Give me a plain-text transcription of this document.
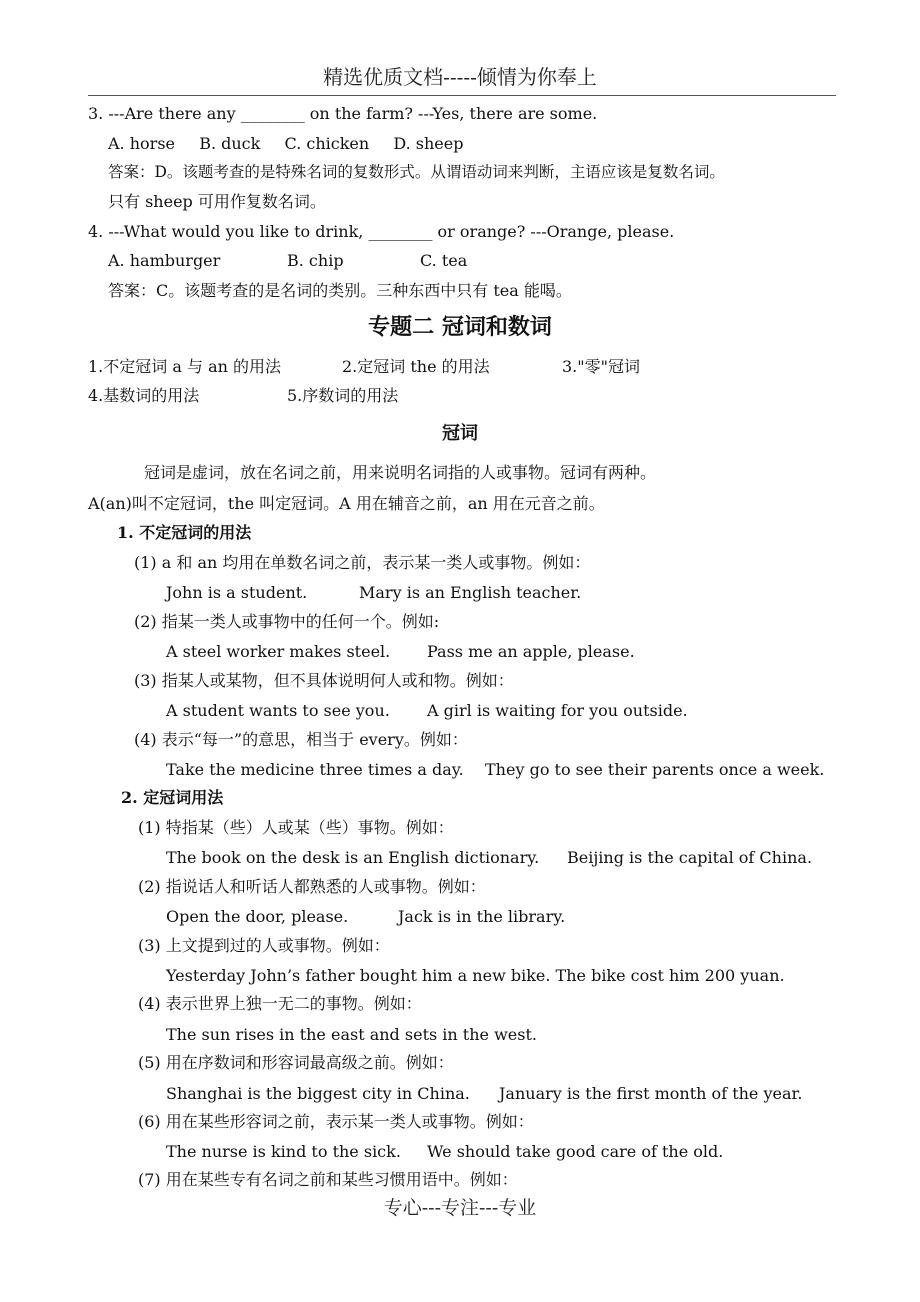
精选优质文档-----倾情为你奉上
3. ---Are there any ________ on the farm? ---Yes, there are some.
A. horse B. duck C. chicken D. sheep
答案：D。该题考查的是特殊名词的复数形式。从谓语动词来判断，主语应该是复数名词。
只有 sheep 可用作复数名词。
4. ---What would you like to drink, ________ or orange? ---Orange, please.
A. hamburger	B. chip	C. tea
答案：C。该题考查的是名词的类别。三种东西中只有 tea 能喝。
专题二 冠词和数词
1.不定冠词 a 与 an 的用法	2.定冠词 the 的用法	3."零"冠词
4.基数词的用法	5.序数词的用法
冠词
冠词是虚词，放在名词之前，用来说明名词指的人或事物。冠词有两种。
A(an)叫不定冠词，the 叫定冠词。A 用在辅音之前，an 用在元音之前。
1. 不定冠词的用法
(1) a 和 an 均用在单数名词之前，表示某一类人或事物。例如：
John is a student.	Mary is an English teacher.
(2) 指某一类人或事物中的任何一个。例如:
A steel worker makes steel. Pass me an apple, please.
(3) 指某人或某物，但不具体说明何人或和物。例如：
A student wants to see you. A girl is waiting for you outside.
(4) 表示“每一”的意思，相当于 every。例如：
Take the medicine three times a day. They go to see their parents once a week.
2. 定冠词用法
(1) 特指某（些）人或某（些）事物。例如：
The book on the desk is an English dictionary. Beijing is the capital of China.
(2) 指说话人和听话人都熟悉的人或事物。例如：
Open the door, please.	Jack is in the library.
(3) 上文提到过的人或事物。例如：
Yesterday John’s father bought him a new bike. The bike cost him 200 yuan.
(4) 表示世界上独一无二的事物。例如：
The sun rises in the east and sets in the west.
(5) 用在序数词和形容词最高级之前。例如：
Shanghai is the biggest city in China. January is the first month of the year.
(6) 用在某些形容词之前，表示某一类人或事物。例如：
The nurse is kind to the sick. We should take good care of the old.
(7) 用在某些专有名词之前和某些习惯用语中。例如：
专心---专注---专业
